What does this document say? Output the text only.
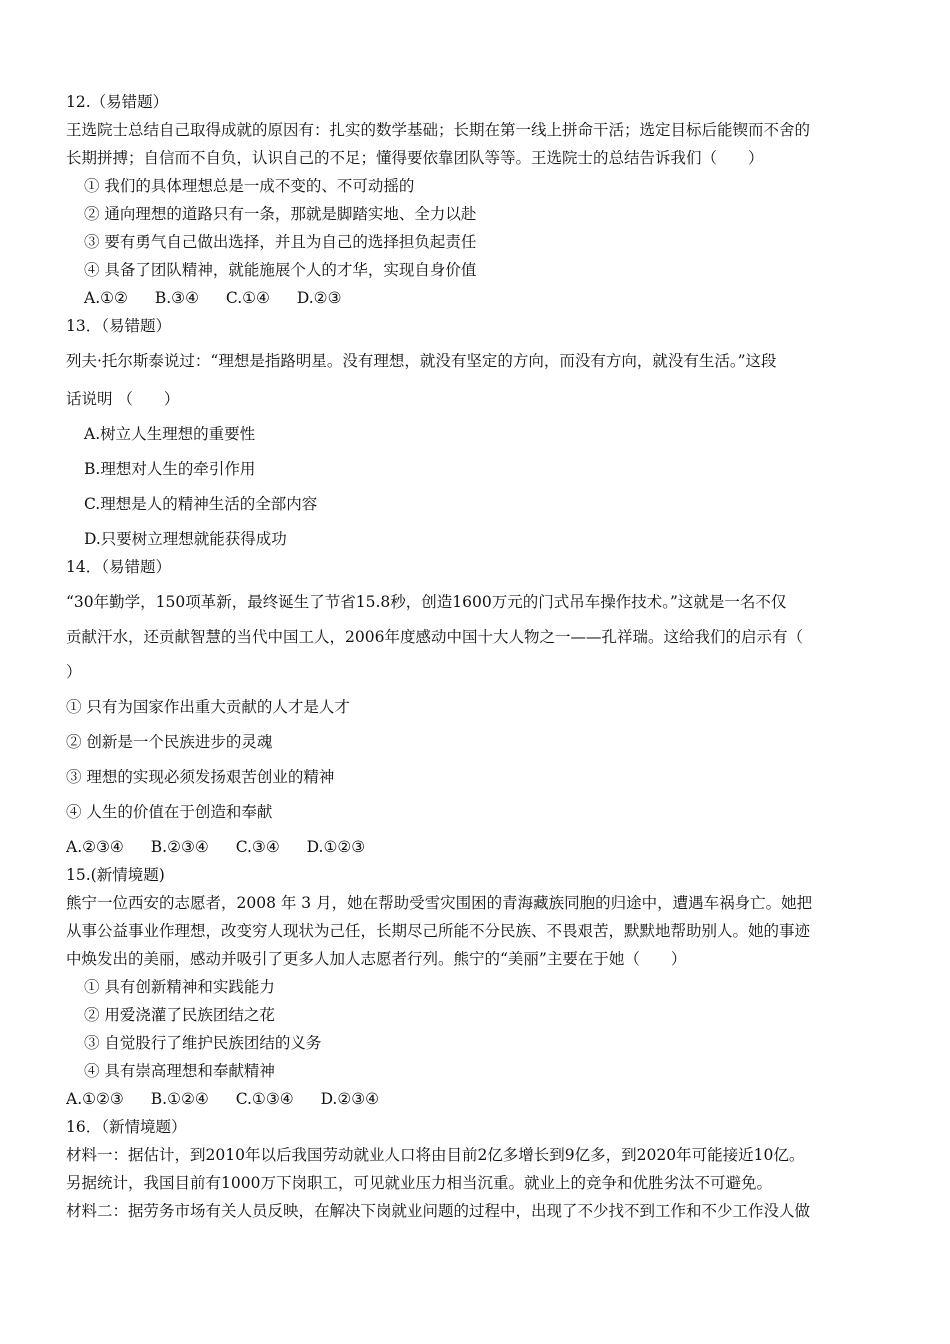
12.（易错题）
王选院士总结自己取得成就的原因有：扎实的数学基础；长期在第一线上拼命干活；选定目标后能锲而不舍的
长期拼搏；自信而不自负，认识自己的不足；懂得要依靠团队等等。王选院士的总结告诉我们（　　）
① 我们的具体理想总是一成不变的、不可动摇的
② 通向理想的道路只有一条，那就是脚踏实地、全力以赴
③ 要有勇气自己做出选择，并且为自己的选择担负起责任
④ 具备了团队精神，就能施展个人的才华，实现自身价值
A.①② B.③④ C.①④ D.②③
13．（易错题）
列夫·托尔斯泰说过：“理想是指路明星。没有理想，就没有坚定的方向，而没有方向，就没有生活。”这段
话说明 （　　）
A.树立人生理想的重要性
B.理想对人生的牵引作用
C.理想是人的精神生活的全部内容
D.只要树立理想就能获得成功
14．（易错题）
“30年勤学，150项革新，最终诞生了节省15.8秒，创造1600万元的门式吊车操作技术。”这就是一名不仅
贡献汗水，还贡献智慧的当代中国工人，2006年度感动中国十大人物之一——孔祥瑞。这给我们的启示有（
）
① 只有为国家作出重大贡献的人才是人才
② 创新是一个民族进步的灵魂
③ 理想的实现必须发扬艰苦创业的精神
④ 人生的价值在于创造和奉献
A.②③④ B.②③④ C.③④ D.①②③
15.(新情境题)
熊宁一位西安的志愿者，2008 年 3 月，她在帮助受雪灾围困的青海藏族同胞的归途中，遭遇车祸身亡。她把
从事公益事业作理想，改变穷人现状为己任，长期尽己所能不分民族、不畏艰苦，默默地帮助别人。她的事迹
中焕发出的美丽，感动并吸引了更多人加人志愿者行列。熊宁的“美丽”主要在于她（　　）
① 具有创新精神和实践能力
② 用爱浇灌了民族团结之花
③ 自觉股行了维护民族团结的义务
④ 具有崇高理想和奉献精神
A.①②③ B.①②④ C.①③④ D.②③④
16．（新情境题）
材料一：据估计，到2010年以后我国劳动就业人口将由目前2亿多增长到9亿多，到2020年可能接近10亿。
另据统计，我国目前有1000万下岗职工，可见就业压力相当沉重。就业上的竞争和优胜劣汰不可避免。
材料二：据劳务市场有关人员反映，在解决下岗就业问题的过程中，出现了不少找不到工作和不少工作没人做
